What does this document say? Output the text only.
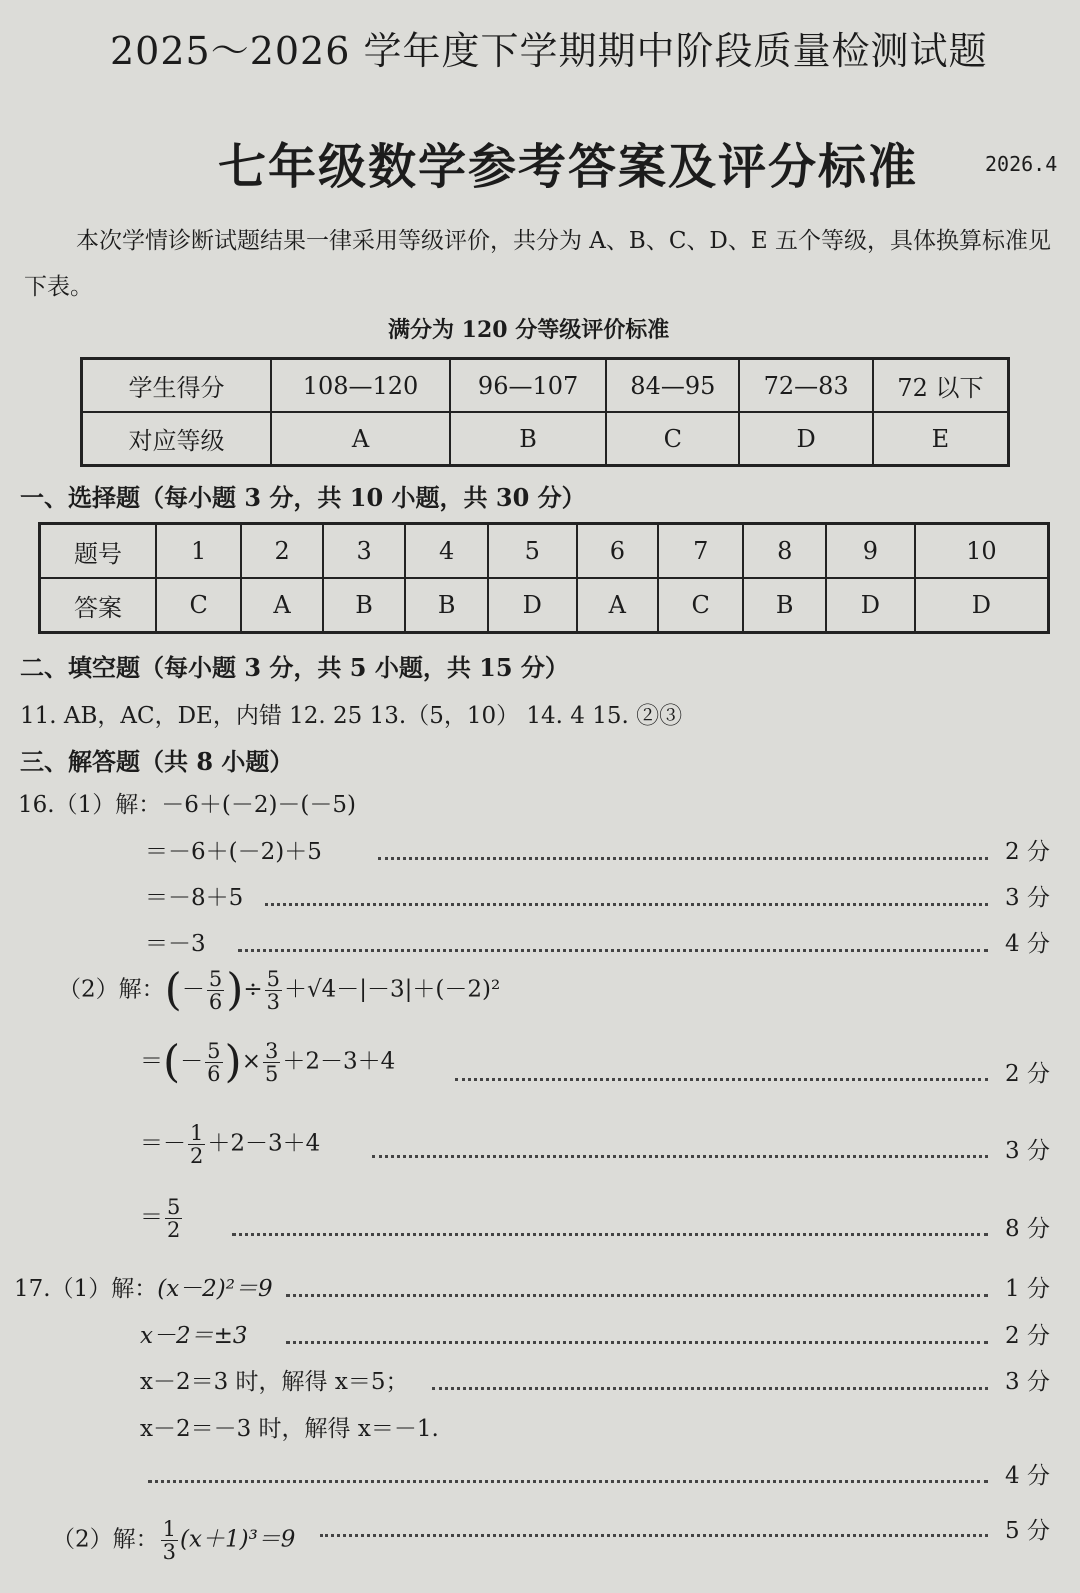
2025～2026 学年度下学期期中阶段质量检测试题
七年级数学参考答案及评分标准	2026.4
本次学情诊断试题结果一律采用等级评价，共分为 A、B、C、D、E 五个等级，具体换算标准见下表。
满分为 120 分等级评价标准
学生得分	108—120	96—107	84—95	72—83	72 以下
对应等级	A	B	C	D	E
一、选择题（每小题 3 分，共 10 小题，共 30 分）
题号	1	2	3	4	5	6	7	8	9	10
答案	C	A	B	B	D	A	C	B	D	D
二、填空题（每小题 3 分，共 5 小题，共 15 分）
11. AB，AC，DE，内错 12. 25 13.（5，10） 14. 4 15. ②③
三、解答题（共 8 小题）
16.（1）解：－6＋(－2)－(－5)
＝－6＋(－2)＋5	2 分
＝－8＋5	3 分
＝－3	4 分
（2）解：(－ $\frac{5}{6}$ )÷ $\frac{5}{3} +√4-|-3|+(-2)^2$
＝(－ $\frac{5}{6}$ )× $\frac{3}{5} +2-3+4$	2 分
＝－ $\frac{1}{2} +2-3+4$	3 分
＝ $\frac{5}{2}$	8 分
17.（1）解：(x－2)²＝9	1 分
x－2＝±3	2 分
x－2＝3 时，解得 x＝5；	3 分
x－2＝－3 时，解得 x＝－1.
4 分
（2）解： $\frac{1}{3} (x+1)^3=9$	5 分
